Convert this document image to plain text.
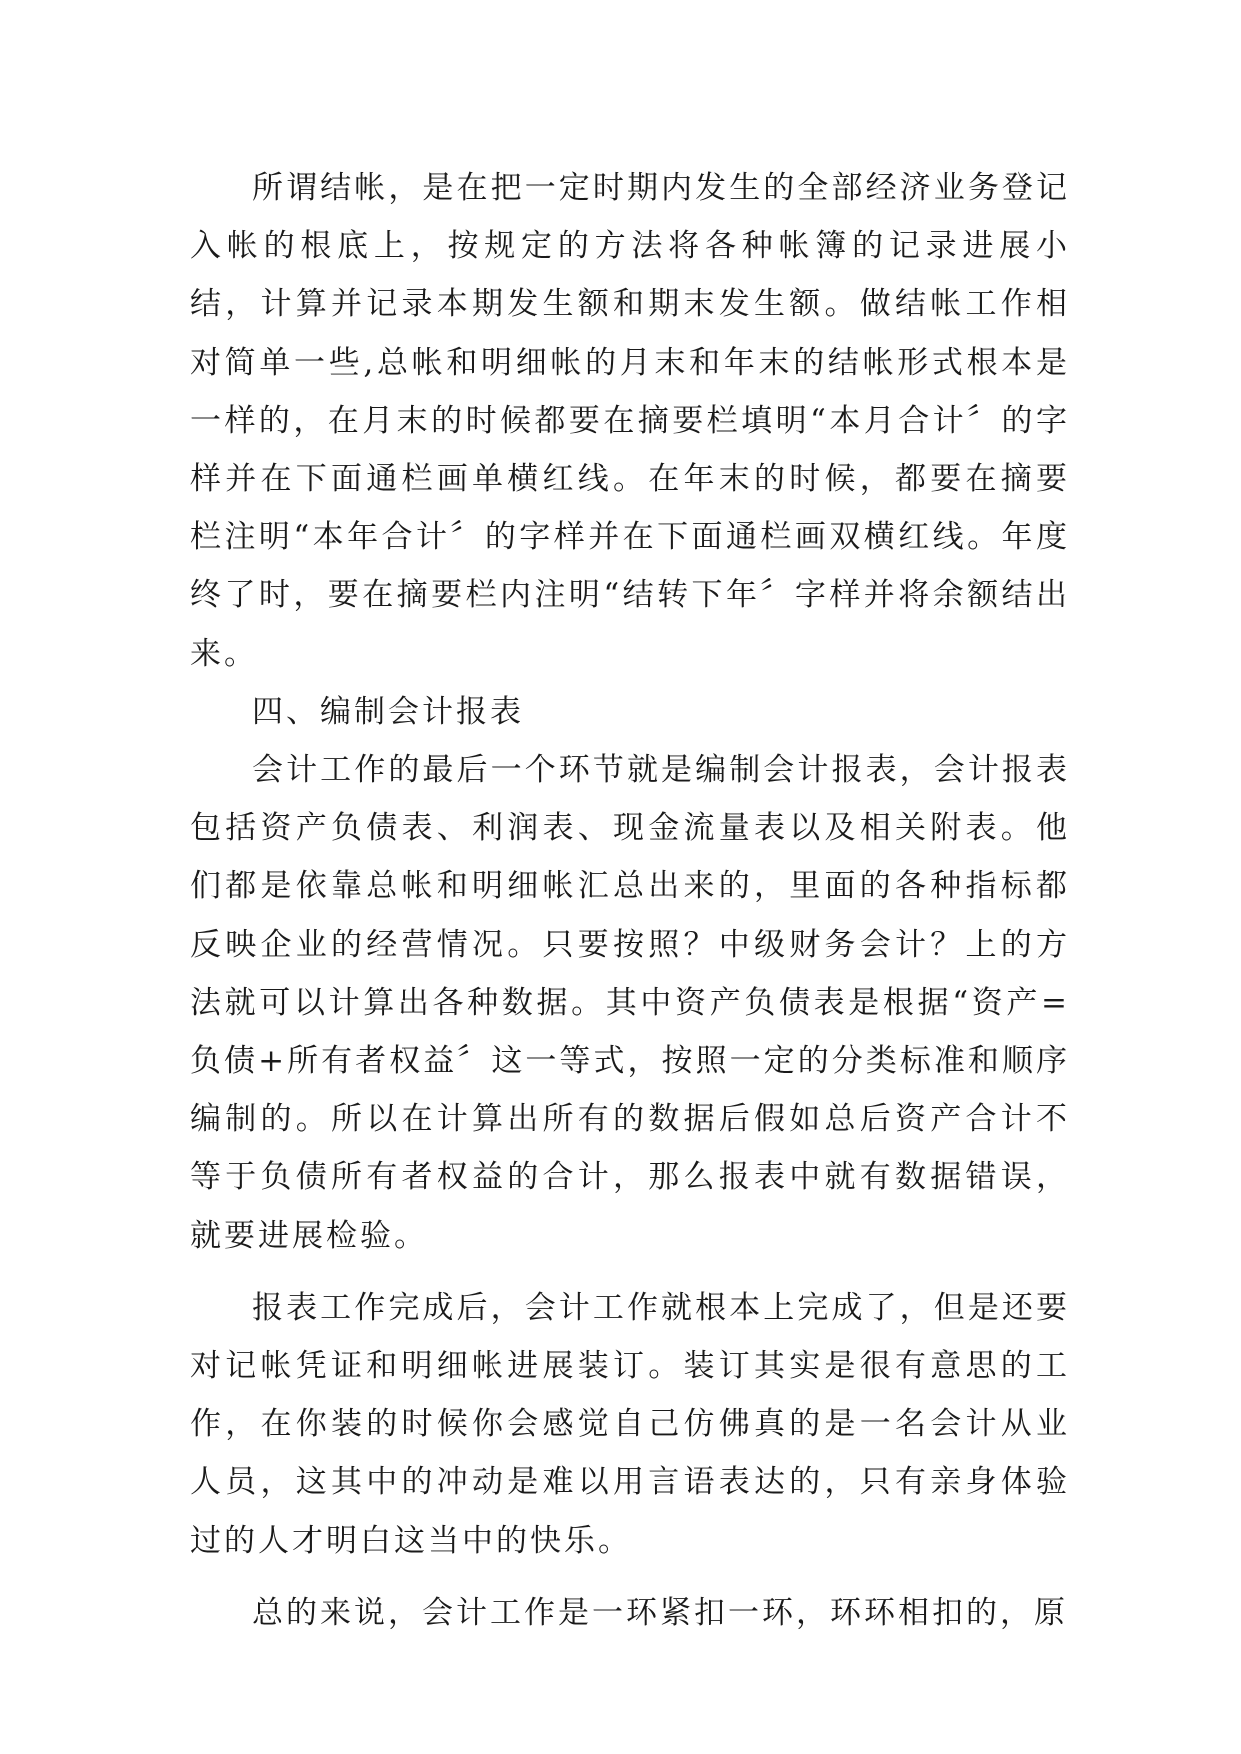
所谓结帐，是在把一定时期内发生的全部经济业务登记入帐的根底上，按规定的方法将各种帐簿的记录进展小结，计算并记录本期发生额和期末发生额。做结帐工作相对简单一些,总帐和明细帐的月末和年末的结帐形式根本是一样的，在月末的时候都要在摘要栏填明“本月合计〞的字样并在下面通栏画单横红线。在年末的时候，都要在摘要栏注明“本年合计〞的字样并在下面通栏画双横红线。年度终了时，要在摘要栏内注明“结转下年〞字样并将余额结出来。

四、编制会计报表

会计工作的最后一个环节就是编制会计报表，会计报表包括资产负债表、利润表、现金流量表以及相关附表。他们都是依靠总帐和明细帐汇总出来的，里面的各种指标都反映企业的经营情况。只要按照？中级财务会计？上的方法就可以计算出各种数据。其中资产负债表是根据“资产=负债+所有者权益〞这一等式，按照一定的分类标准和顺序编制的。所以在计算出所有的数据后假如总后资产合计不等于负债所有者权益的合计，那么报表中就有数据错误，就要进展检验。

报表工作完成后，会计工作就根本上完成了，但是还要对记帐凭证和明细帐进展装订。装订其实是很有意思的工作，在你装的时候你会感觉自己仿佛真的是一名会计从业人员，这其中的冲动是难以用言语表达的，只有亲身体验过的人才明白这当中的快乐。

总的来说，会计工作是一环紧扣一环，环环相扣的，原
